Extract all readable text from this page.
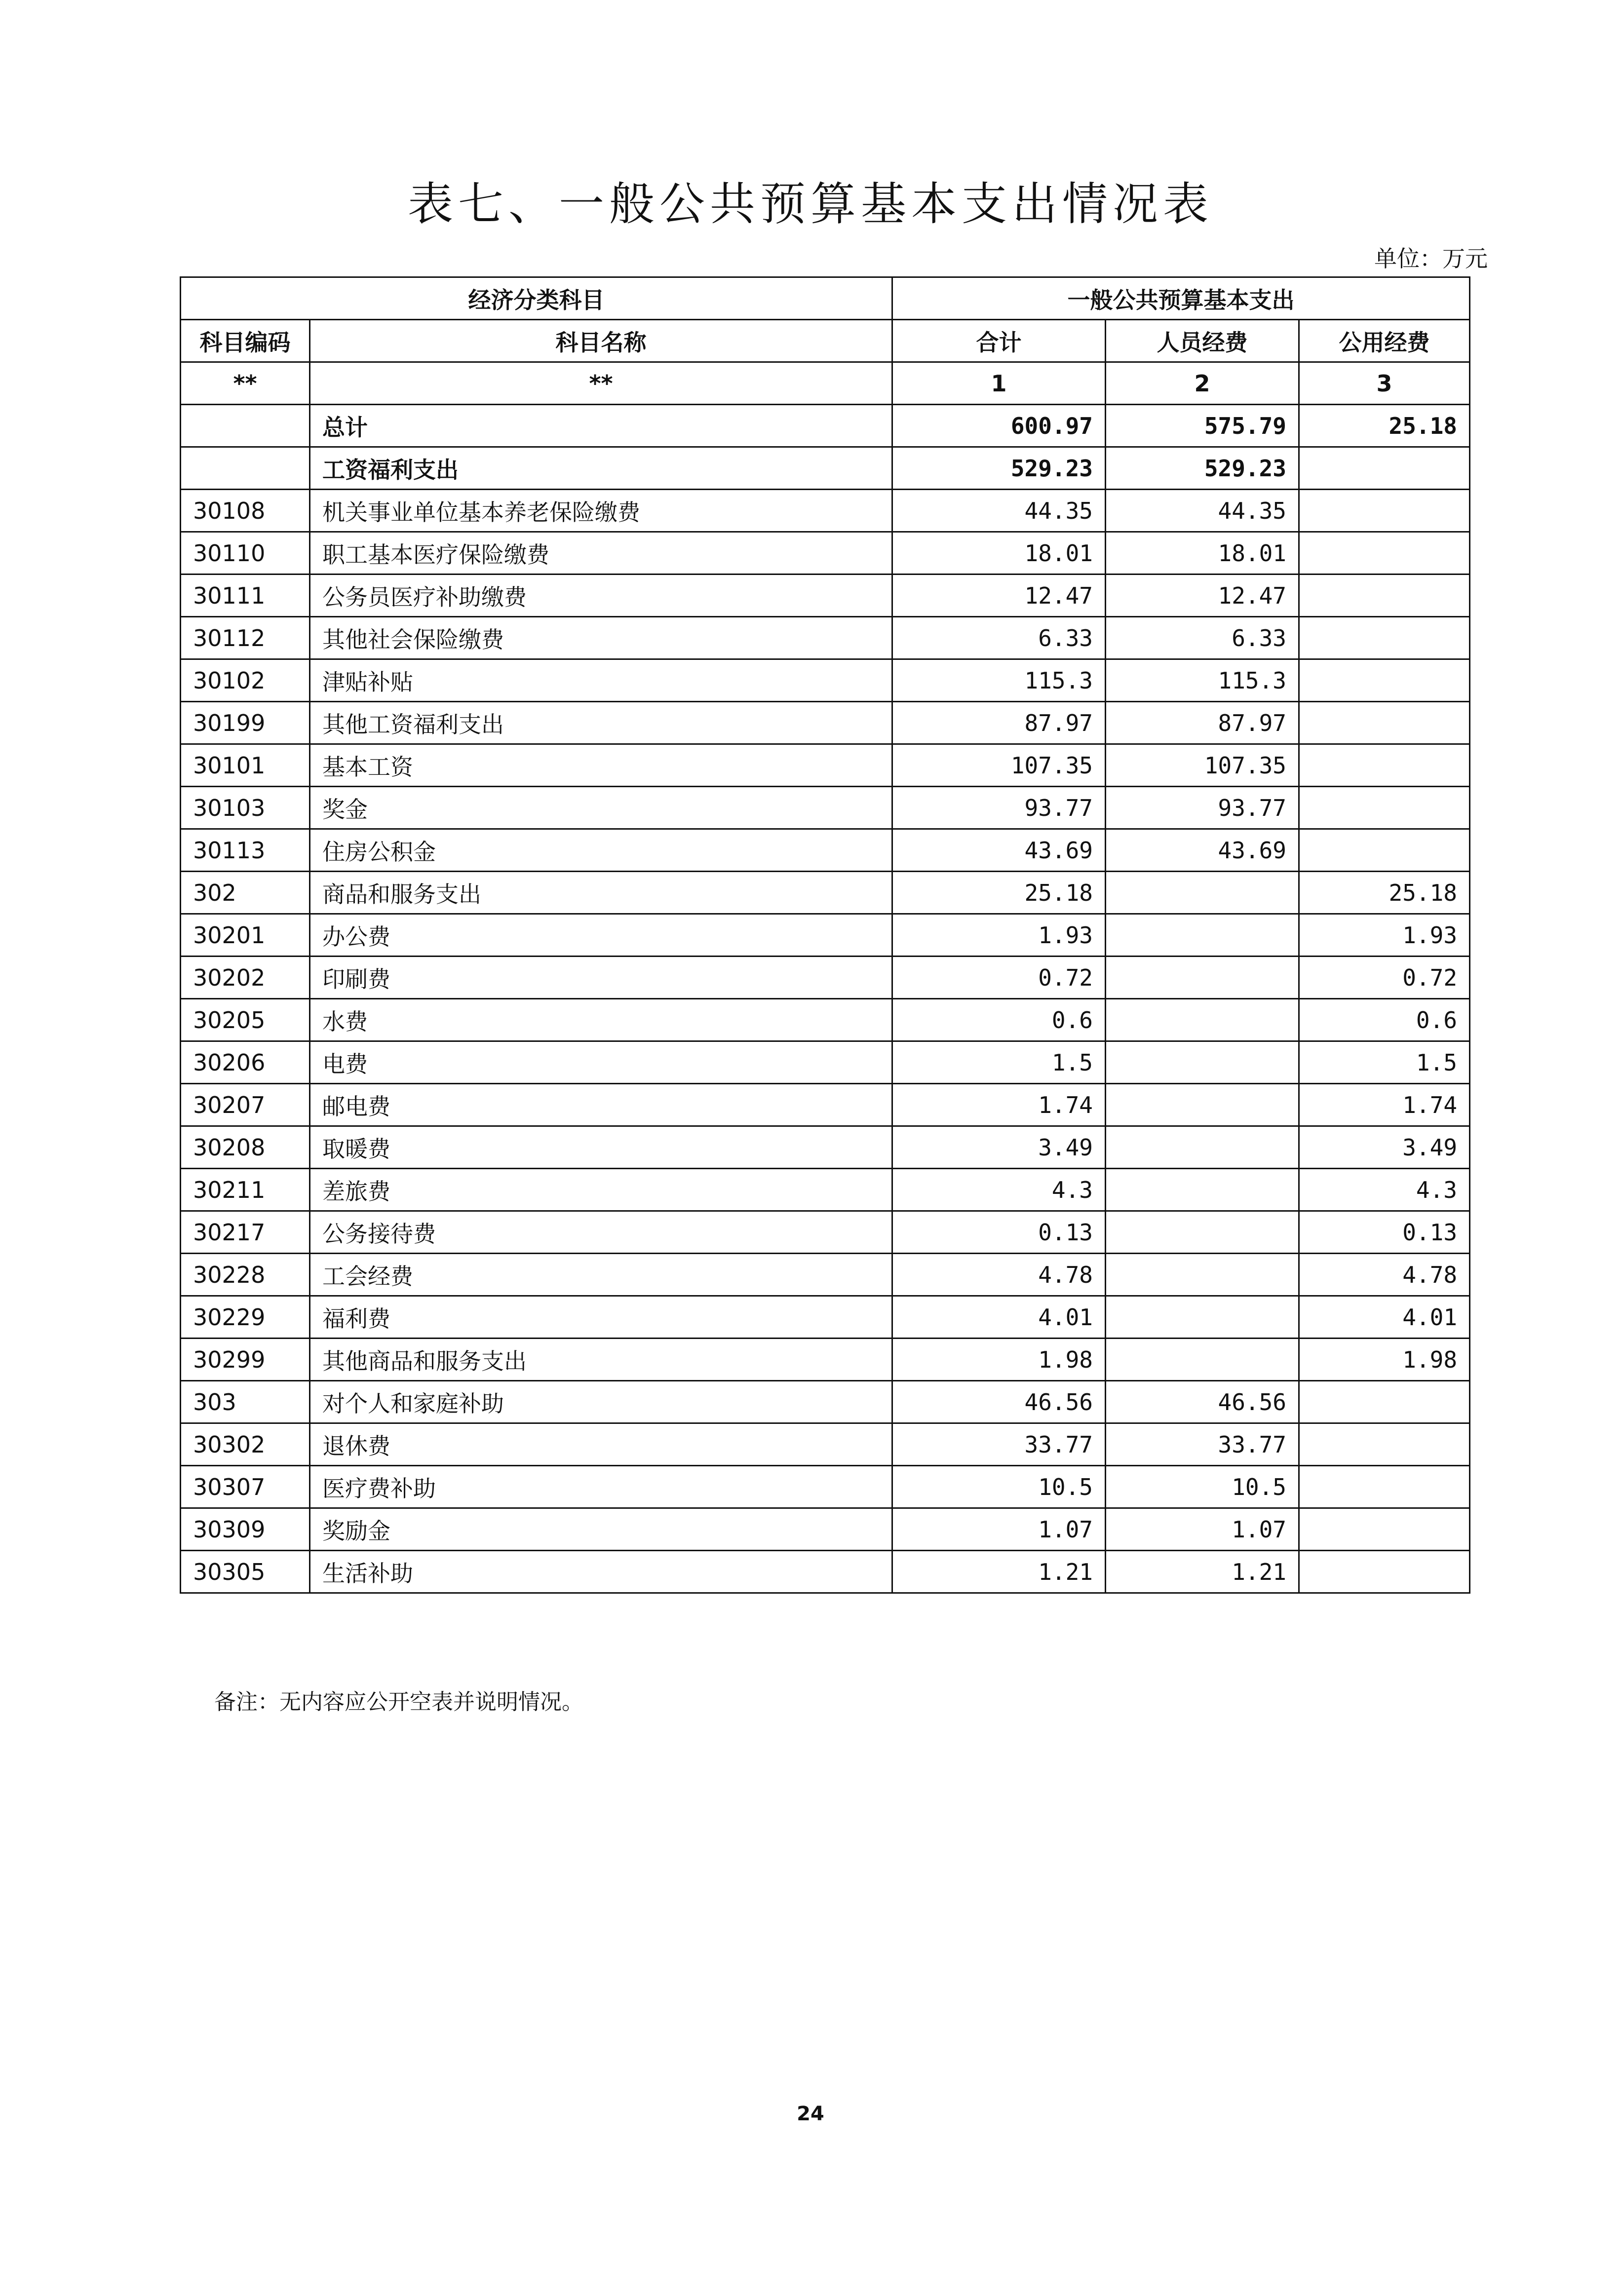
表七、一般公共预算基本支出情况表
单位：万元
经济分类科目		一般公共预算基本支出		
科目编码	科目名称	合计	人员经费	公用经费
**	**	1	2	3
	总计	600.97	575.79	25.18
	工资福利支出	529.23	529.23	
30108	机关事业单位基本养老保险缴费	44.35	44.35	
30110	职工基本医疗保险缴费	18.01	18.01	
30111	公务员医疗补助缴费	12.47	12.47	
30112	其他社会保险缴费	6.33	6.33	
30102	津贴补贴	115.3	115.3	
30199	其他工资福利支出	87.97	87.97	
30101	基本工资	107.35	107.35	
30103	奖金	93.77	93.77	
30113	住房公积金	43.69	43.69	
302	商品和服务支出	25.18		25.18
30201	办公费	1.93		1.93
30202	印刷费	0.72		0.72
30205	水费	0.6		0.6
30206	电费	1.5		1.5
30207	邮电费	1.74		1.74
30208	取暖费	3.49		3.49
30211	差旅费	4.3		4.3
30217	公务接待费	0.13		0.13
30228	工会经费	4.78		4.78
30229	福利费	4.01		4.01
30299	其他商品和服务支出	1.98		1.98
303	对个人和家庭补助	46.56	46.56	
30302	退休费	33.77	33.77	
30307	医疗费补助	10.5	10.5	
30309	奖励金	1.07	1.07	
30305	生活补助	1.21	1.21	
备注：无内容应公开空表并说明情况。
24
